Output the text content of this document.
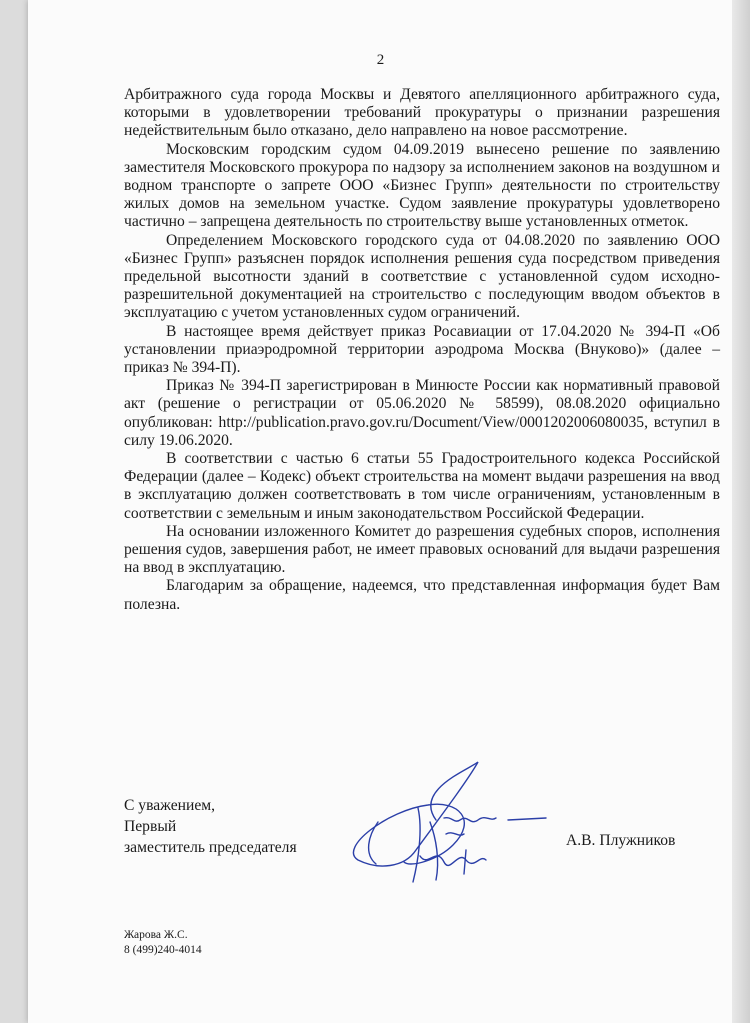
2

Арбитражного суда города Москвы и Девятого апелляционного арбитражного суда, которыми в удовлетворении требований прокуратуры о признании разрешения недействительным было отказано, дело направлено на новое рассмотрение.

Московским городским судом 04.09.2019 вынесено решение по заявлению заместителя Московского прокурора по надзору за исполнением законов на воздушном и водном транспорте о запрете ООО «Бизнес Групп» деятельности по строительству жилых домов на земельном участке. Судом заявление прокуратуры удовлетворено частично – запрещена деятельность по строительству выше установленных отметок.

Определением Московского городского суда от 04.08.2020 по заявлению ООО «Бизнес Групп» разъяснен порядок исполнения решения суда посредством приведения предельной высотности зданий в соответствие с установленной судом исходно-разрешительной документацией на строительство с последующим вводом объектов в эксплуатацию с учетом установленных судом ограничений.

В настоящее время действует приказ Росавиации от 17.04.2020 № 394-П «Об установлении приаэродромной территории аэродрома Москва (Внуково)» (далее – приказ № 394-П).

Приказ № 394-П зарегистрирован в Минюсте России как нормативный правовой акт (решение о регистрации от 05.06.2020 № 58599), 08.08.2020 официально опубликован: http://publication.pravo.gov.ru/Document/View/0001202006080035, вступил в силу 19.06.2020.

В соответствии с частью 6 статьи 55 Градостроительного кодекса Российской Федерации (далее – Кодекс) объект строительства на момент выдачи разрешения на ввод в эксплуатацию должен соответствовать в том числе ограничениям, установленным в соответствии с земельным и иным законодательством Российской Федерации.

На основании изложенного Комитет до разрешения судебных споров, исполнения решения судов, завершения работ, не имеет правовых оснований для выдачи разрешения на ввод в эксплуатацию.

Благодарим за обращение, надеемся, что представленная информация будет Вам полезна.

С уважением,
Первый
заместитель председателя	А.В. Плужников
Жарова Ж.С.
8 (499)240-4014
